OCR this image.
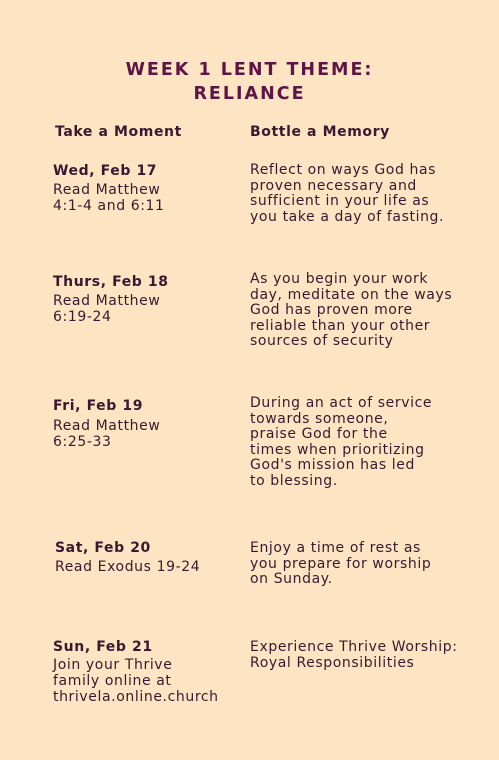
WEEK 1 LENT THEME:
RELIANCE
Take a Moment	Bottle a Memory
Wed, Feb 17
Read Matthew
4:1-4 and 6:11
Reflect on ways God has
proven necessary and
sufficient in your life as
you take a day of fasting.
Thurs, Feb 18
Read Matthew
6:19-24
As you begin your work
day, meditate on the ways
God has proven more
reliable than your other
sources of security
Fri, Feb 19
Read Matthew
6:25-33
During an act of service
towards someone,
praise God for the
times when prioritizing
God's mission has led
to blessing.
Sat, Feb 20
Read Exodus 19-24
Enjoy a time of rest as
you prepare for worship
on Sunday.
Sun, Feb 21
Join your Thrive
family online at
thrivela.online.church
Experience Thrive Worship:
Royal Responsibilities
